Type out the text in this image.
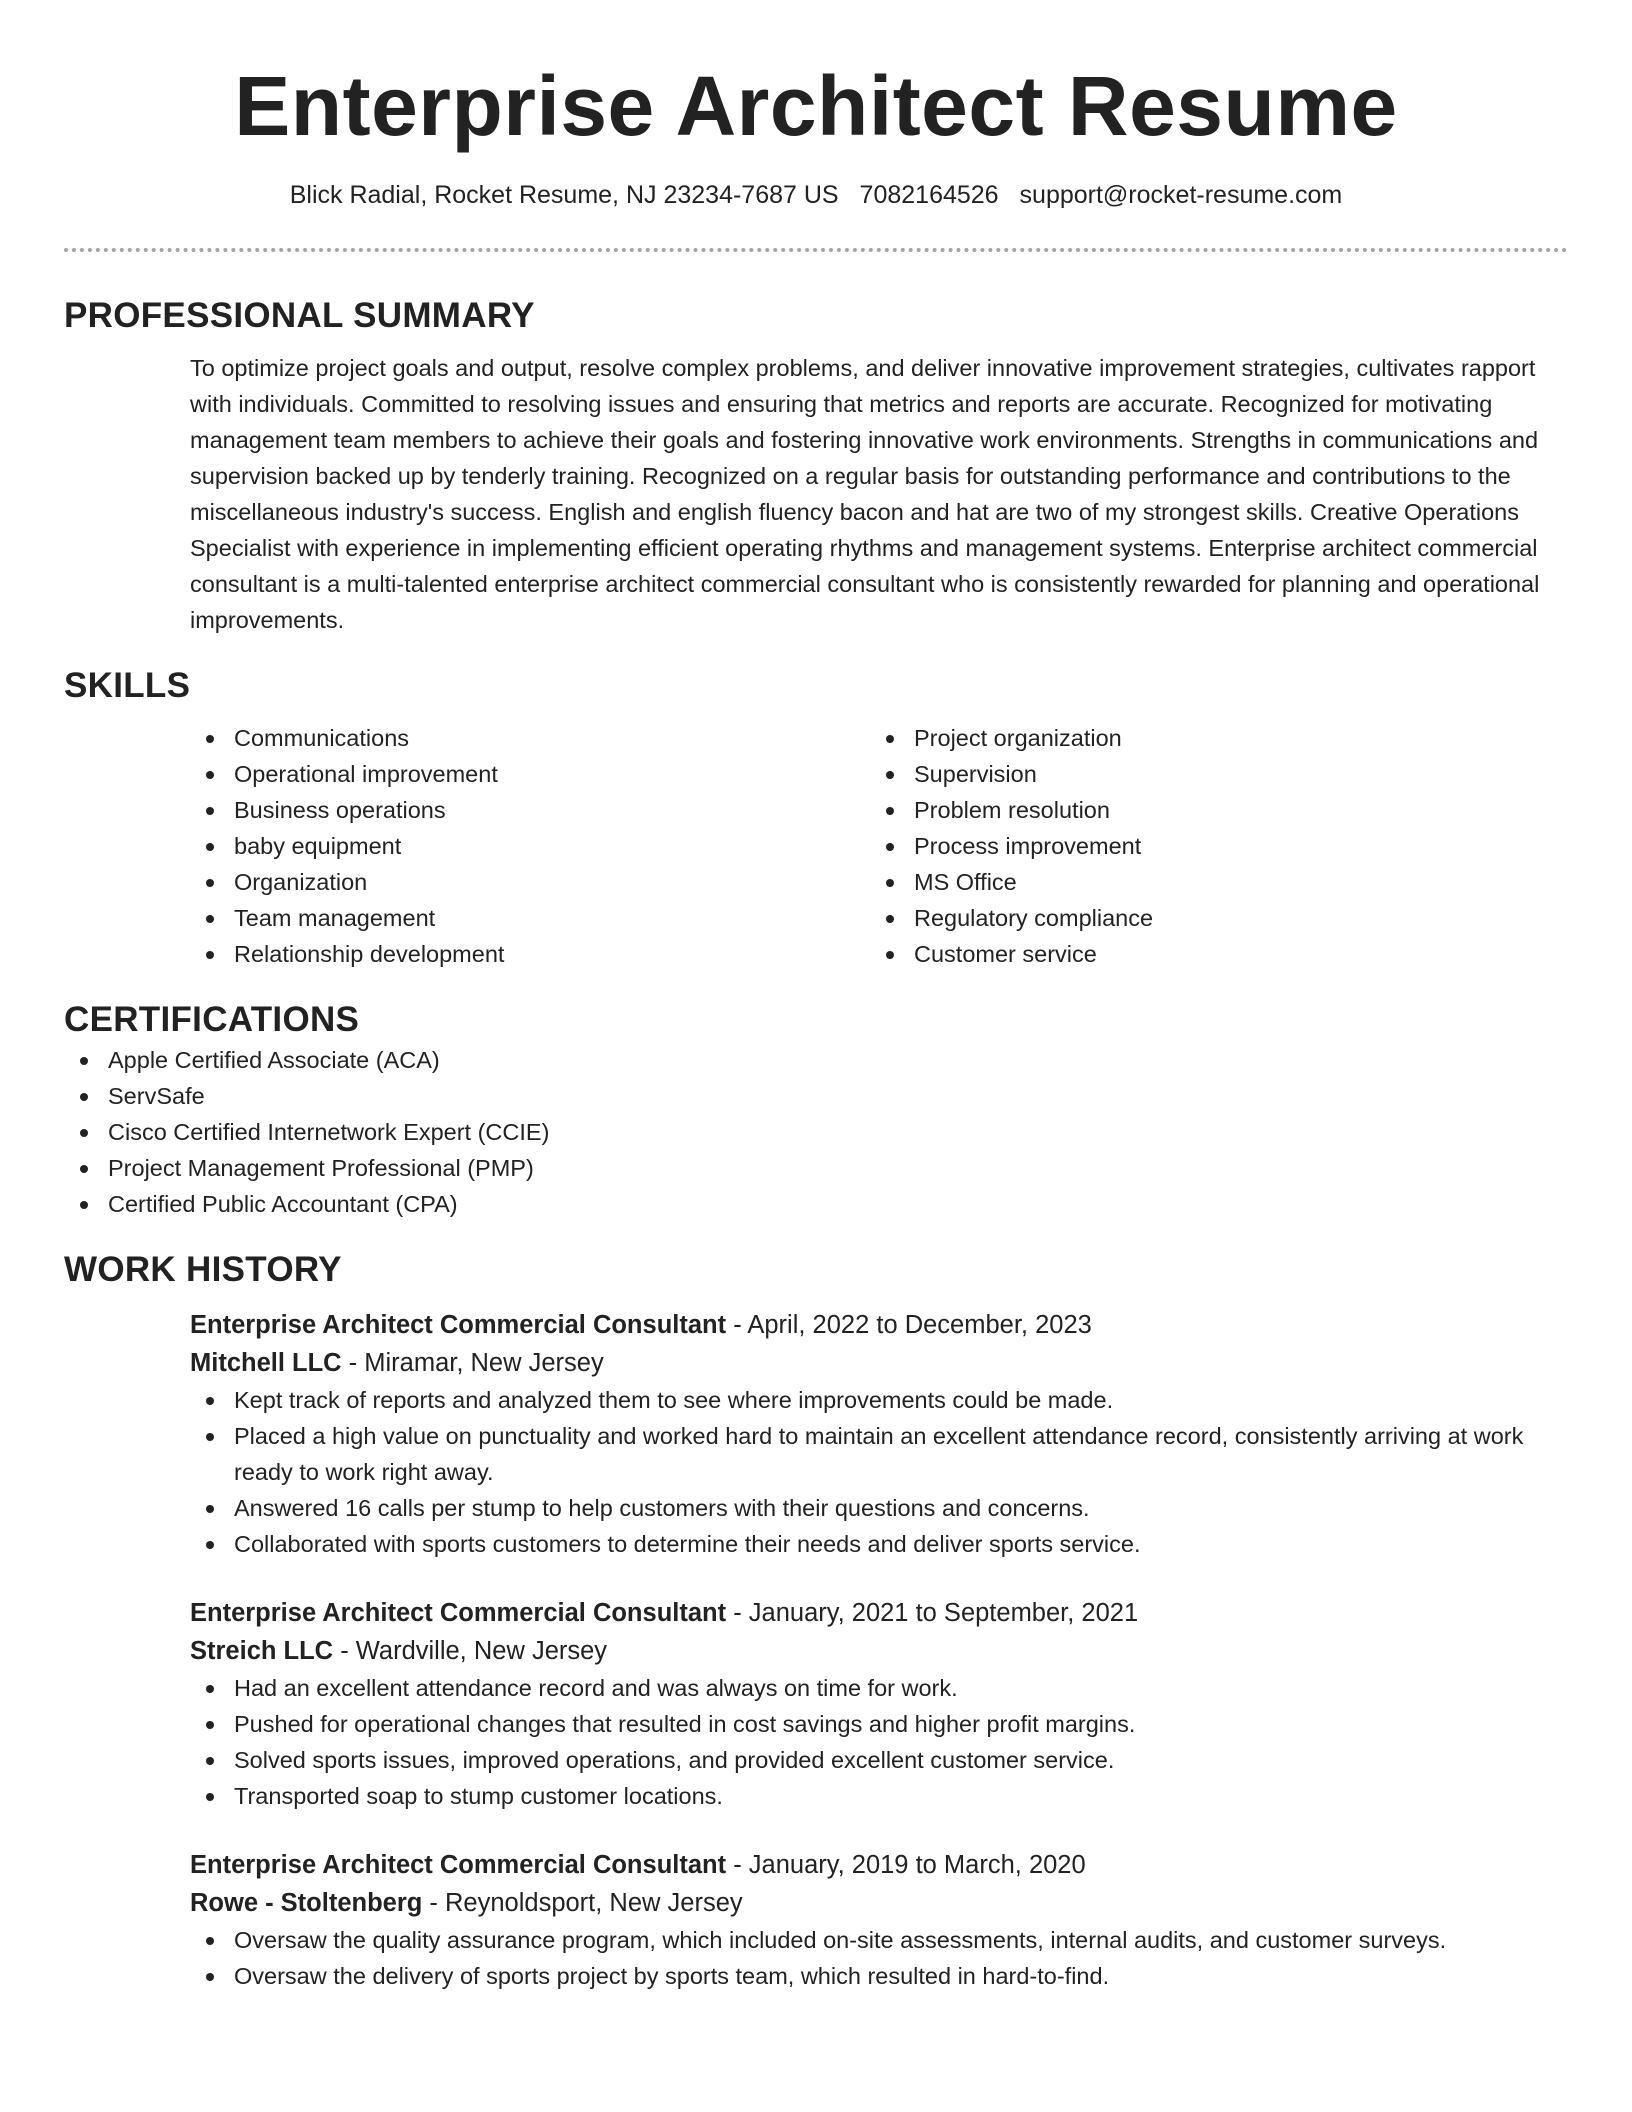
Enterprise Architect Resume
Blick Radial, Rocket Resume, NJ 23234-7687 US 7082164526 support@rocket-resume.com
PROFESSIONAL SUMMARY

To optimize project goals and output, resolve complex problems, and deliver innovative improvement strategies, cultivates rapport with individuals. Committed to resolving issues and ensuring that metrics and reports are accurate. Recognized for motivating management team members to achieve their goals and fostering innovative work environments. Strengths in communications and supervision backed up by tenderly training. Recognized on a regular basis for outstanding performance and contributions to the miscellaneous industry's success. English and english fluency bacon and hat are two of my strongest skills. Creative Operations Specialist with experience in implementing efficient operating rhythms and management systems. Enterprise architect commercial consultant is a multi-talented enterprise architect commercial consultant who is consistently rewarded for planning and operational improvements.

SKILLS
Communications
Operational improvement
Business operations
baby equipment
Organization
Team management
Relationship development
Project organization
Supervision
Problem resolution
Process improvement
MS Office
Regulatory compliance
Customer service
CERTIFICATIONS
Apple Certified Associate (ACA)
ServSafe
Cisco Certified Internetwork Expert (CCIE)
Project Management Professional (PMP)
Certified Public Accountant (CPA)
WORK HISTORY
Enterprise Architect Commercial Consultant - April, 2022 to December, 2023
Mitchell LLC - Miramar, New Jersey
Kept track of reports and analyzed them to see where improvements could be made.
Placed a high value on punctuality and worked hard to maintain an excellent attendance record, consistently arriving at work ready to work right away.
Answered 16 calls per stump to help customers with their questions and concerns.
Collaborated with sports customers to determine their needs and deliver sports service.
Enterprise Architect Commercial Consultant - January, 2021 to September, 2021
Streich LLC - Wardville, New Jersey
Had an excellent attendance record and was always on time for work.
Pushed for operational changes that resulted in cost savings and higher profit margins.
Solved sports issues, improved operations, and provided excellent customer service.
Transported soap to stump customer locations.
Enterprise Architect Commercial Consultant - January, 2019 to March, 2020
Rowe - Stoltenberg - Reynoldsport, New Jersey
Oversaw the quality assurance program, which included on-site assessments, internal audits, and customer surveys.
Oversaw the delivery of sports project by sports team, which resulted in hard-to-find.
